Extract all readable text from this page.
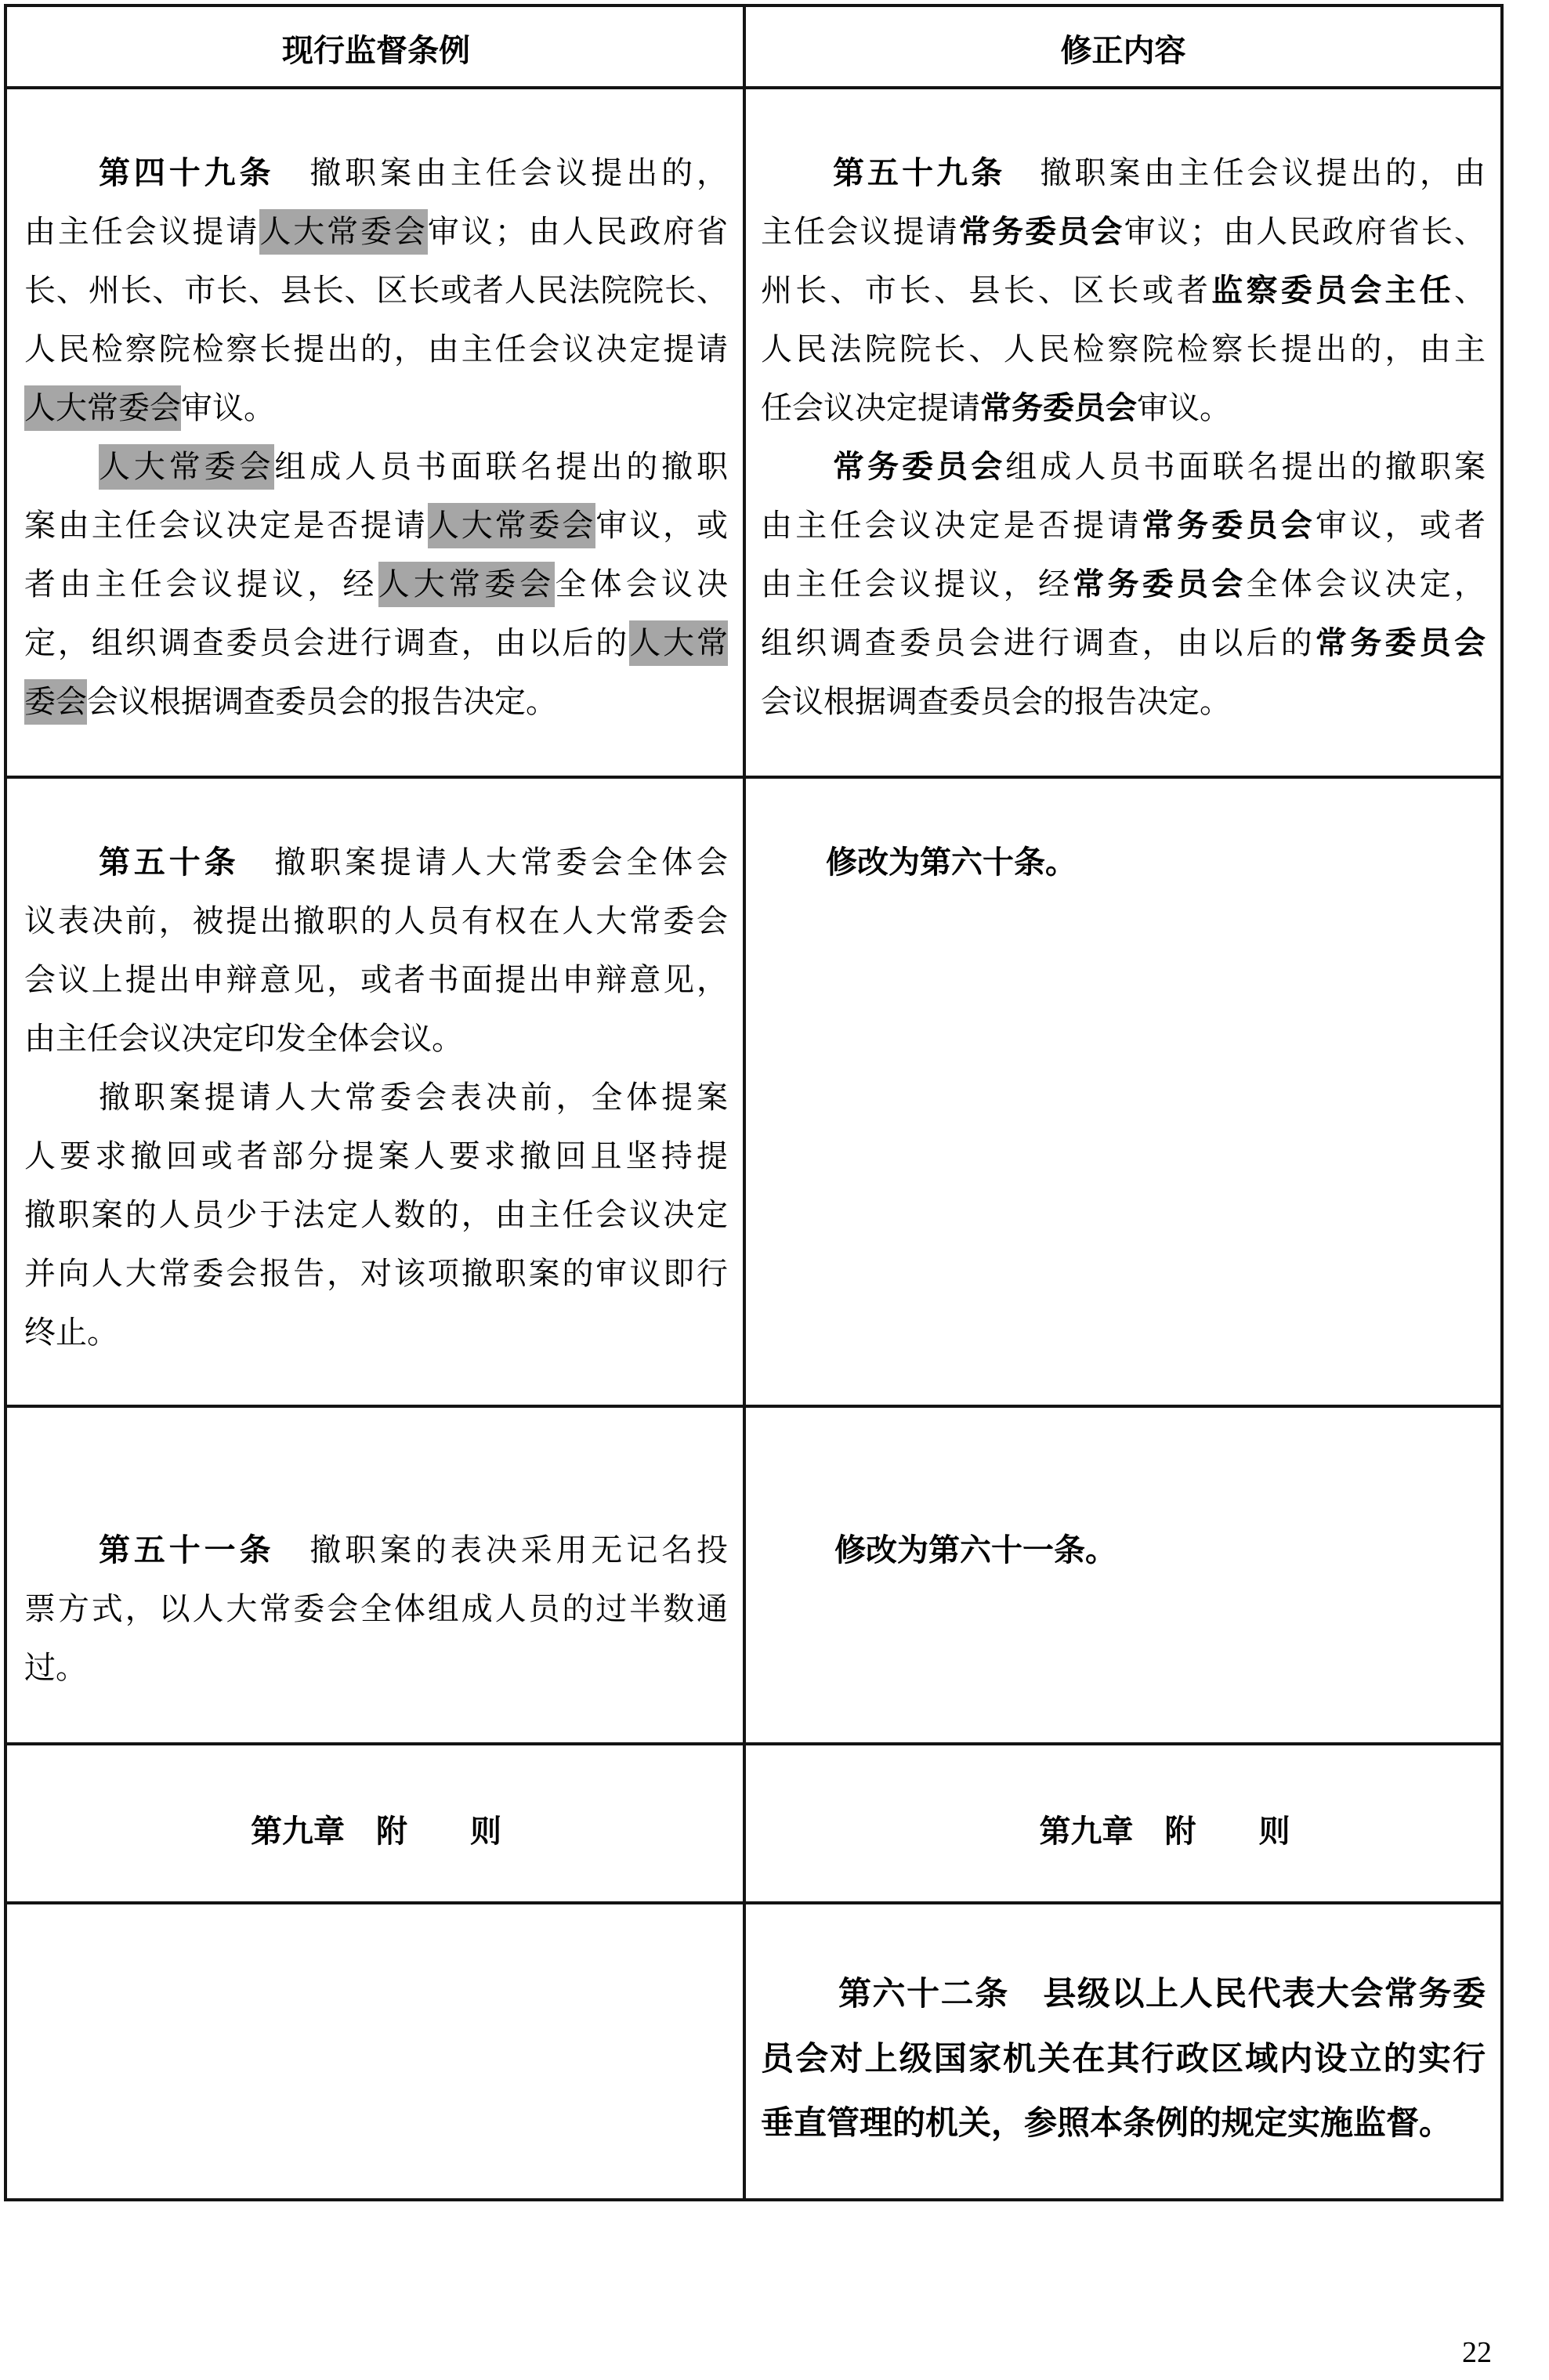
现行监督条例	修正内容
第四十九条　撤职案由主任会议提出的，
由主任会议提请人大常委会审议；由人民政府省
长、州长、市长、县长、区长或者人民法院院长、
人民检察院检察长提出的，由主任会议决定提请
人大常委会审议。
人大常委会组成人员书面联名提出的撤职
案由主任会议决定是否提请人大常委会审议，或
者由主任会议提议，经人大常委会全体会议决
定，组织调查委员会进行调查，由以后的人大常
委会会议根据调查委员会的报告决定。
第五十九条　撤职案由主任会议提出的，由
主任会议提请常务委员会审议；由人民政府省长、
州长、市长、县长、区长或者监察委员会主任、
人民法院院长、人民检察院检察长提出的，由主
任会议决定提请常务委员会审议。
常务委员会组成人员书面联名提出的撤职案
由主任会议决定是否提请常务委员会审议，或者
由主任会议提议，经常务委员会全体会议决定，
组织调查委员会进行调查，由以后的常务委员会
会议根据调查委员会的报告决定。
第五十条　撤职案提请人大常委会全体会
议表决前，被提出撤职的人员有权在人大常委会
会议上提出申辩意见，或者书面提出申辩意见，
由主任会议决定印发全体会议。
撤职案提请人大常委会表决前，全体提案
人要求撤回或者部分提案人要求撤回且坚持提
撤职案的人员少于法定人数的，由主任会议决定
并向人大常委会报告，对该项撤职案的审议即行
终止。
修改为第六十条。
第五十一条　撤职案的表决采用无记名投
票方式，以人大常委会全体组成人员的过半数通
过。
修改为第六十一条。
第九章　附　　则	第九章　附　　则
第六十二条　县级以上人民代表大会常务委
员会对上级国家机关在其行政区域内设立的实行
垂直管理的机关，参照本条例的规定实施监督。
22
